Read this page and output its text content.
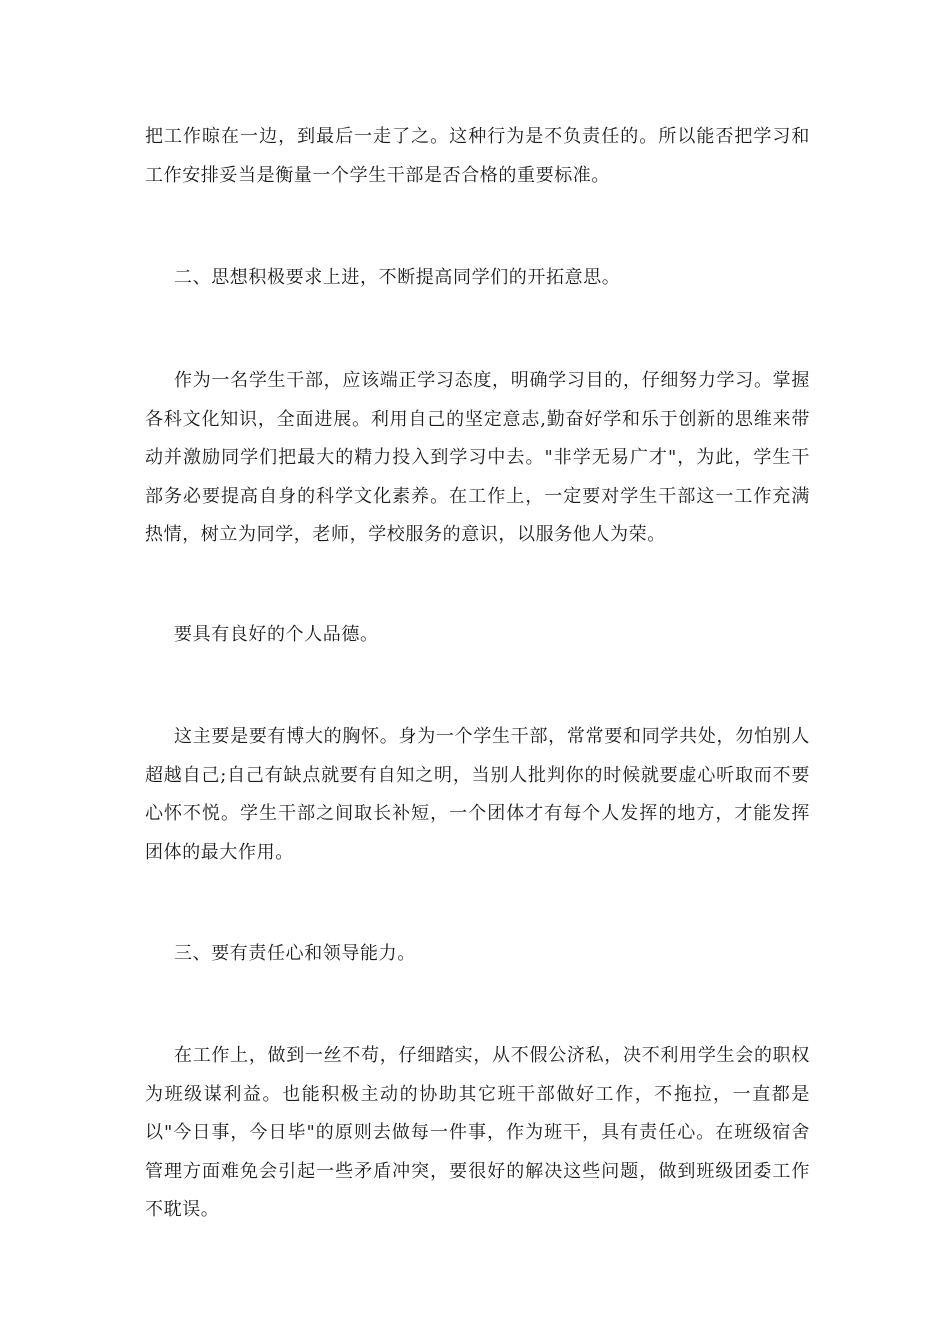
把工作晾在一边，到最后一走了之。这种行为是不负责任的。所以能否把学习和工作安排妥当是衡量一个学生干部是否合格的重要标准。

二、思想积极要求上进，不断提高同学们的开拓意思。

作为一名学生干部，应该端正学习态度，明确学习目的，仔细努力学习。掌握各科文化知识，全面进展。利用自己的坚定意志,勤奋好学和乐于创新的思维来带动并激励同学们把最大的精力投入到学习中去。"非学无易广才"，为此，学生干部务必要提高自身的科学文化素养。在工作上，一定要对学生干部这一工作充满热情，树立为同学，老师，学校服务的意识，以服务他人为荣。

要具有良好的个人品德。

这主要是要有博大的胸怀。身为一个学生干部，常常要和同学共处，勿怕别人超越自己;自己有缺点就要有自知之明，当别人批判你的时候就要虚心听取而不要心怀不悦。学生干部之间取长补短，一个团体才有每个人发挥的地方，才能发挥团体的最大作用。

三、要有责任心和领导能力。

在工作上，做到一丝不苟，仔细踏实，从不假公济私，决不利用学生会的职权为班级谋利益。也能积极主动的协助其它班干部做好工作，不拖拉，一直都是以"今日事，今日毕"的原则去做每一件事，作为班干，具有责任心。在班级宿舍管理方面难免会引起一些矛盾冲突，要很好的解决这些问题，做到班级团委工作不耽误。
